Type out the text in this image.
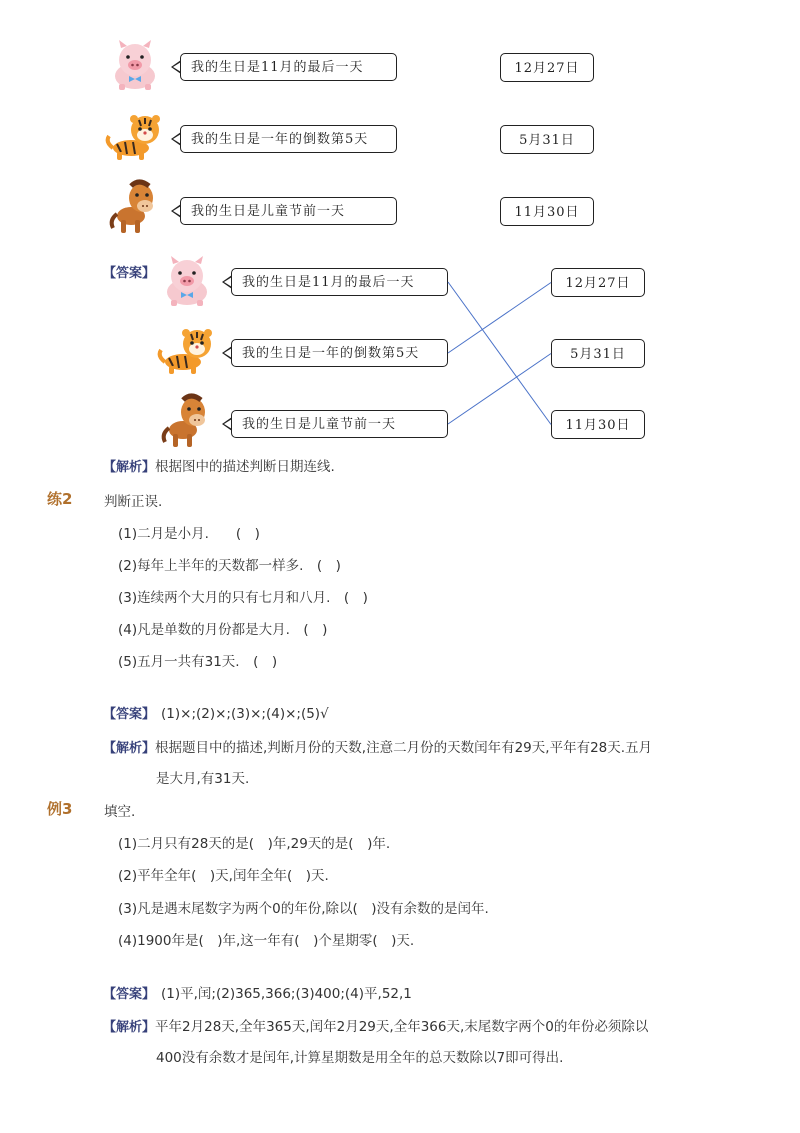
我的生日是11月的最后一天	12月27日
我的生日是一年的倒数第5天	5月31日
我的生日是儿童节前一天	11月30日
【答案】
我的生日是11月的最后一天	12月27日
我的生日是一年的倒数第5天	5月31日
我的生日是儿童节前一天	11月30日
【解析】根据图中的描述判断日期连线.
练2 判断正误.
(1)二月是小月.　　(　)
(2)每年上半年的天数都一样多.　(　)
(3)连续两个大月的只有七月和八月.　(　)
(4)凡是单数的月份都是大月.　(　)
(5)五月一共有31天.　(　)
【答案】 (1)×;(2)×;(3)×;(4)×;(5)√
【解析】根据题目中的描述,判断月份的天数,注意二月份的天数闰年有29天,平年有28天.五月
是大月,有31天.
例3 填空.
(1)二月只有28天的是(　)年,29天的是(　)年.
(2)平年全年(　)天,闰年全年(　)天.
(3)凡是遇末尾数字为两个0的年份,除以(　)没有余数的是闰年.
(4)1900年是(　)年,这一年有(　)个星期零(　)天.
【答案】 (1)平,闰;(2)365,366;(3)400;(4)平,52,1
【解析】平年2月28天,全年365天,闰年2月29天,全年366天,末尾数字两个0的年份必须除以
400没有余数才是闰年,计算星期数是用全年的总天数除以7即可得出.
